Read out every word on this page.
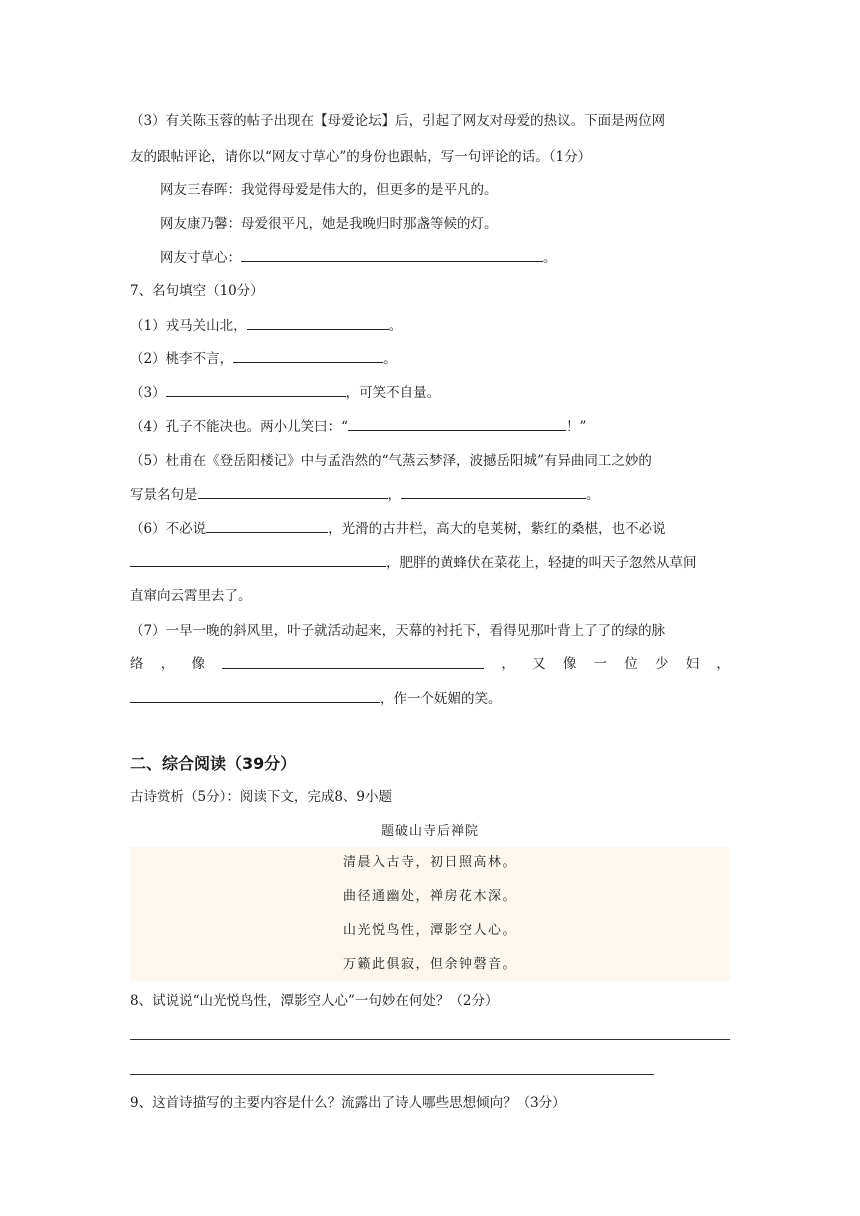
（3）有关陈玉蓉的帖子出现在【母爱论坛】后，引起了网友对母爱的热议。下面是两位网
友的跟帖评论，请你以“网友寸草心”的身份也跟帖，写一句评论的话。（1分）
网友三春晖：我觉得母爱是伟大的，但更多的是平凡的。
网友康乃馨：母爱很平凡，她是我晚归时那盏等候的灯。
网友寸草心：	。
7、名句填空（10分）
（1）戎马关山北，	。
（2）桃李不言，	。
（3）	，可笑不自量。
（4）孔子不能决也。两小儿笑曰：“	！”
（5）杜甫在《登岳阳楼记》中与孟浩然的“气蒸云梦泽，波撼岳阳城”有异曲同工之妙的
写景名句是	，	。
（6）不必说	，光滑的古井栏，高大的皂荚树，紫红的桑椹，也不必说
，肥胖的黄蜂伏在菜花上，轻捷的叫天子忽然从草间
直窜向云霄里去了。
（7）一早一晚的斜风里，叶子就活动起来，天幕的衬托下，看得见那叶背上了了的绿的脉
络 ， 像	， 又 像 一 位 少 妇 ，
，作一个妩媚的笑。
二、综合阅读（39分）
古诗赏析（5分）：阅读下文，完成8、9小题
题破山寺后禅院
清晨入古寺，初日照高林。
曲径通幽处，禅房花木深。
山光悦鸟性，潭影空人心。
万籁此俱寂，但余钟磬音。
8、试说说“山光悦鸟性，潭影空人心”一句妙在何处？（2分）
9、这首诗描写的主要内容是什么？流露出了诗人哪些思想倾向？（3分）
